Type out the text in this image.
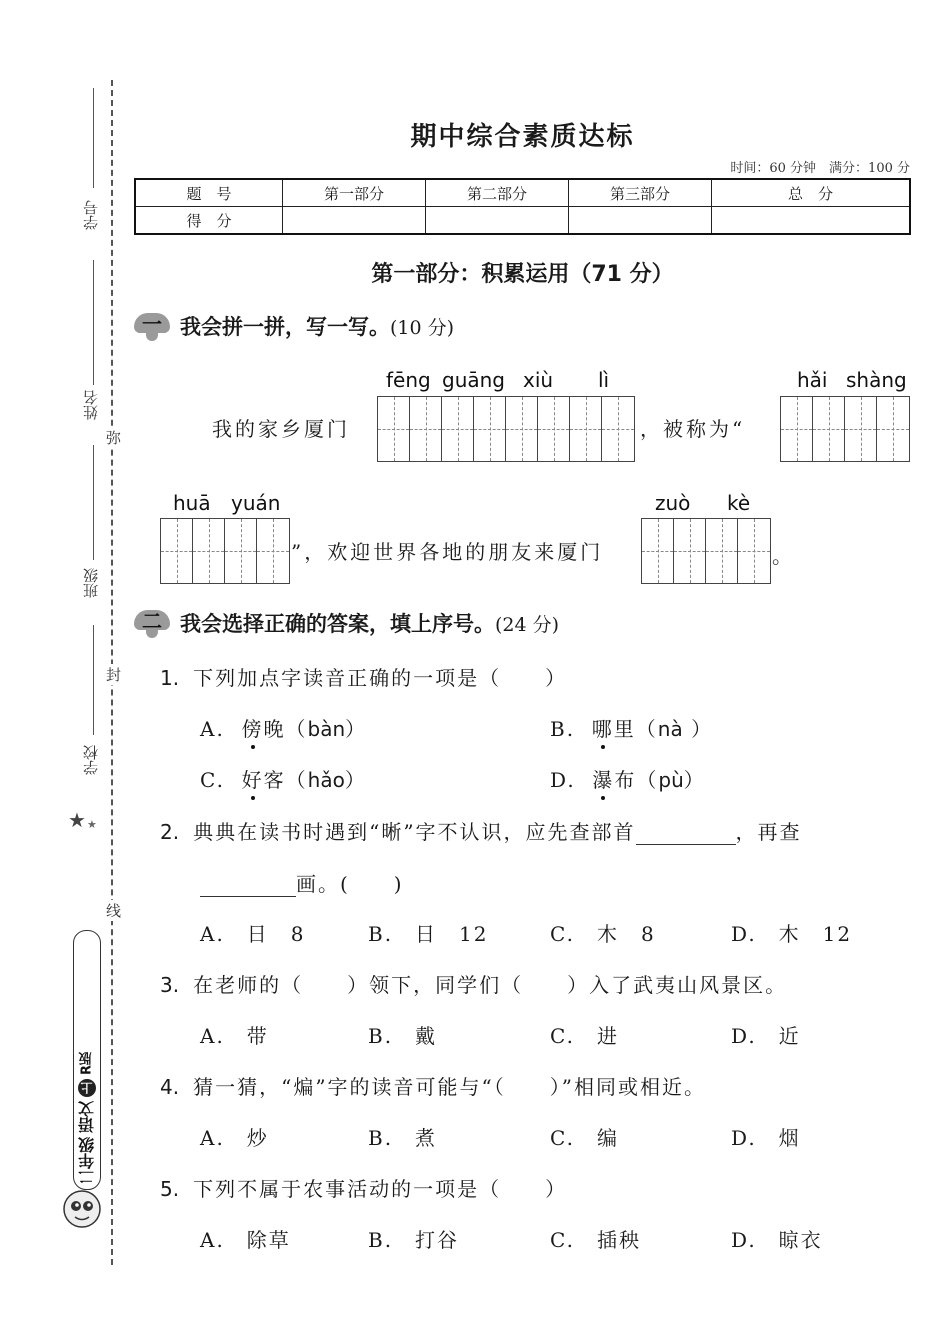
学号
姓名
班级
学校
弥
封
线
★ ★
二年级
语文
上
R版
期中综合素质达标
时间：60 分钟　满分：100 分
题　号	第一部分	第二部分	第三部分	总　分
得　分				
第一部分：积累运用（71 分）
一 我会拼一拼，写一写。 (10 分)
fēng guāng xiù lì	hǎi shàng
我的家乡厦门	，被称为“
huā yuán	zuò kè
”，欢迎世界各地的朋友来厦门	。
二 我会选择正确的答案，填上序号。 (24 分)
1. 下列加点字读音正确的一项是（　　）
A. 傍晚（bàn）	B. 哪里（nà ）
C. 好客（hǎo）	D. 瀑布（pù）
2. 典典在读书时遇到“晰”字不认识，应先查部首	，再查
画。(　　)
A.　日　8	B.　日　12	C.　木　8	D.　木　12
3. 在老师的（　　）领下，同学们（　　）入了武夷山风景区。
A.　带	B.　戴	C.　进	D.　近
4. 猜一猜，“煸”字的读音可能与“（　　）”相同或相近。
A.　炒	B.　煮	C.　编	D.　烟
5. 下列不属于农事活动的一项是（　　）
A.　除草	B.　打谷	C.　插秧	D.　晾衣
